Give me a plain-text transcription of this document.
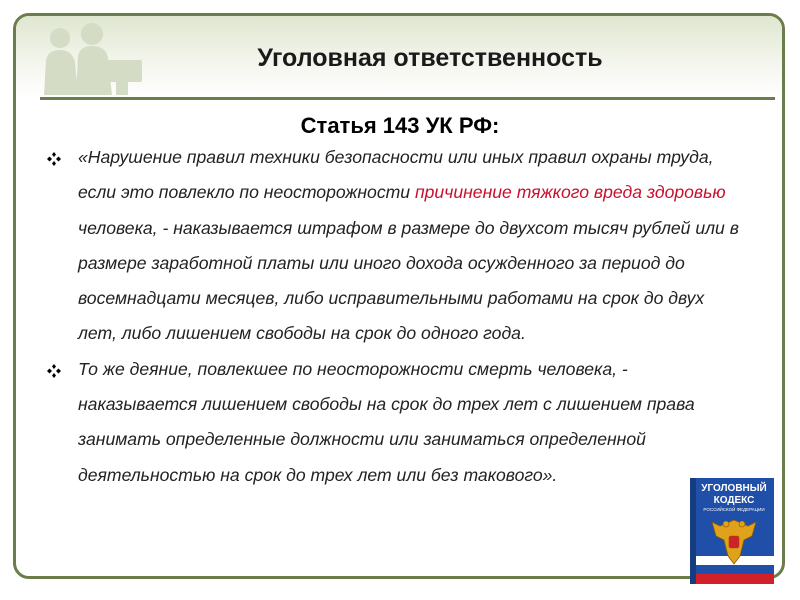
Уголовная ответственность
Статья 143 УК РФ:
«Нарушение правил техники безопасности или иных правил охраны труда, если это повлекло по неосторожности причинение тяжкого вреда здоровью человека, - наказывается штрафом в размере до двухсот тысяч рублей или в размере заработной платы или иного дохода осужденного за период до восемнадцати месяцев, либо исправительными работами на срок до двух лет, либо лишением свободы на срок до одного года.
То же деяние, повлекшее по неосторожности смерть человека, - наказывается лишением свободы на срок до трех лет с лишением права занимать определенные должности или заниматься определенной деятельностью на срок до трех лет или без такового».
УГОЛОВНЫЙ
КОДЕКС
РОССИЙСКОЙ ФЕДЕРАЦИИ
